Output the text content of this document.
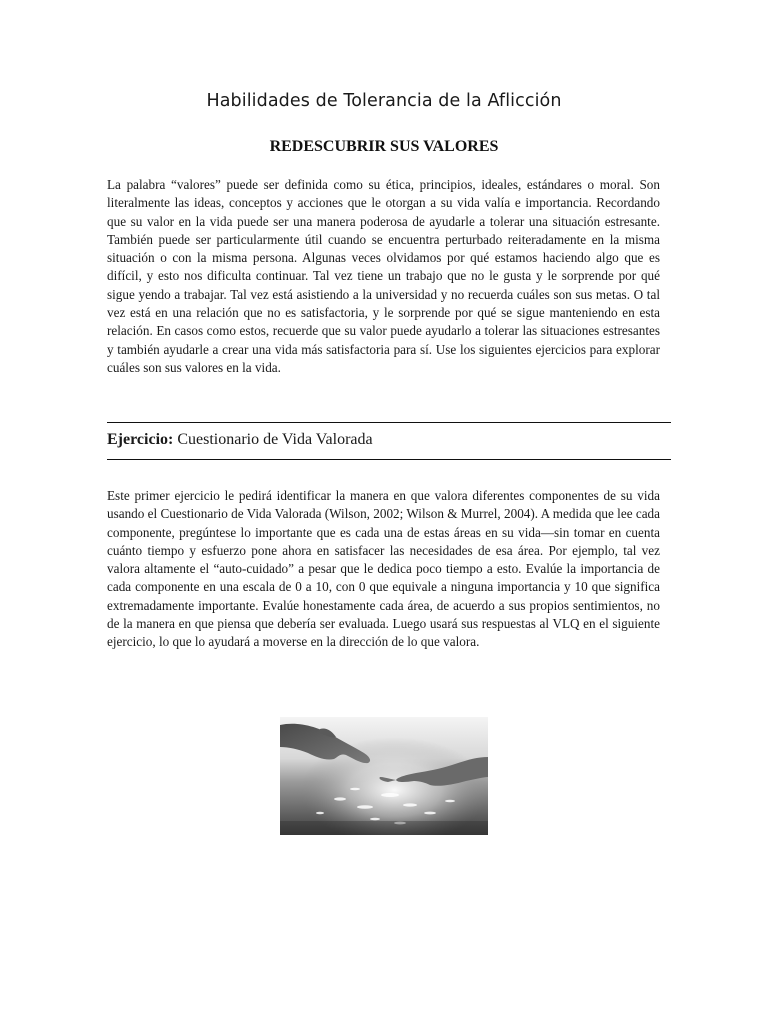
Habilidades de Tolerancia de la Aflicción
REDESCUBRIR SUS VALORES

La palabra “valores” puede ser definida como su ética, principios, ideales, estándares o moral. Son literalmente las ideas, conceptos y acciones que le otorgan a su vida valía e importancia. Recordando que su valor en la vida puede ser una manera poderosa de ayudarle a tolerar una situación estresante. También puede ser particularmente útil cuando se encuentra perturbado reiteradamente en la misma situación o con la misma persona. Algunas veces olvidamos por qué estamos haciendo algo que es difícil, y esto nos dificulta continuar. Tal vez tiene un trabajo que no le gusta y le sorprende por qué sigue yendo a trabajar. Tal vez está asistiendo a la universidad y no recuerda cuáles son sus metas. O tal vez está en una relación que no es satisfactoria, y le sorprende por qué se sigue manteniendo en esta relación. En casos como estos, recuerde que su valor puede ayudarlo a tolerar las situaciones estresantes y también ayudarle a crear una vida más satisfactoria para sí. Use los siguientes ejercicios para explorar cuáles son sus valores en la vida.

Ejercicio: Cuestionario de Vida Valorada

Este primer ejercicio le pedirá identificar la manera en que valora diferentes componentes de su vida usando el Cuestionario de Vida Valorada (Wilson, 2002; Wilson & Murrel, 2004). A medida que lee cada componente, pregúntese lo importante que es cada una de estas áreas en su vida—sin tomar en cuenta cuánto tiempo y esfuerzo pone ahora en satisfacer las necesidades de esa área. Por ejemplo, tal vez valora altamente el “auto-cuidado” a pesar que le dedica poco tiempo a esto. Evalúe la importancia de cada componente en una escala de 0 a 10, con 0 que equivale a ninguna importancia y 10 que significa extremadamente importante. Evalúe honestamente cada área, de acuerdo a sus propios sentimientos, no de la manera en que piensa que debería ser evaluada. Luego usará sus respuestas al VLQ en el siguiente ejercicio, lo que lo ayudará a moverse en la dirección de lo que valora.
